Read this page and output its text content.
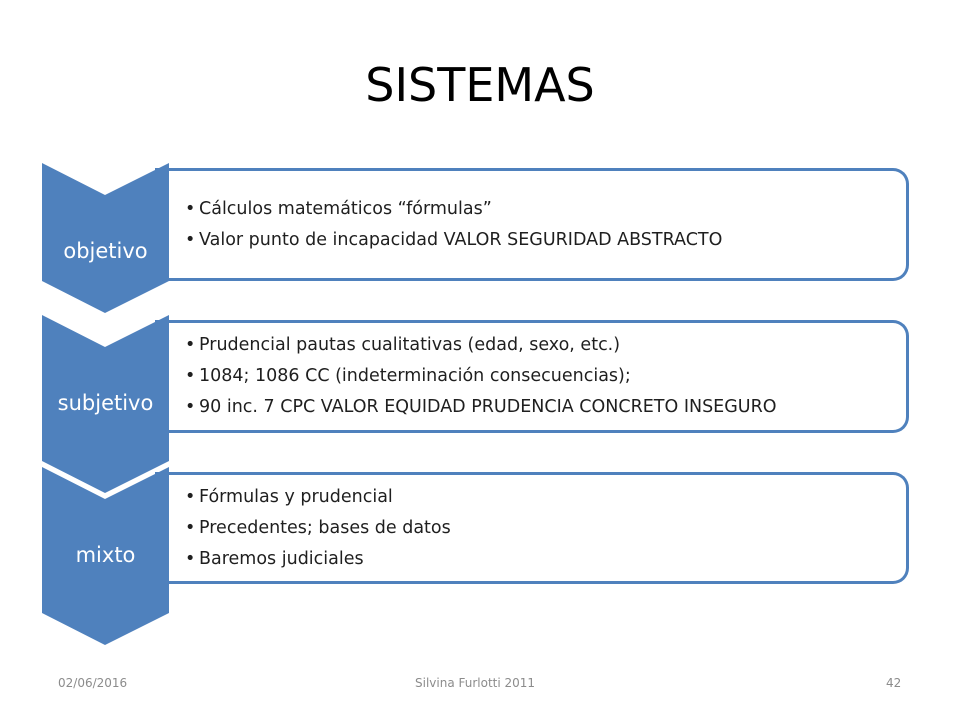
SISTEMAS
• Cálculos matemáticos “fórmulas”
• Valor punto de incapacidad VALOR SEGURIDAD ABSTRACTO
objetivo
• Prudencial pautas cualitativas (edad, sexo, etc.)
• 1084; 1086 CC (indeterminación consecuencias);
• 90 inc. 7 CPC VALOR EQUIDAD PRUDENCIA CONCRETO INSEGURO
subjetivo
• Fórmulas y prudencial
• Precedentes; bases de datos
• Baremos judiciales
mixto
02/06/2016	Silvina Furlotti 2011	42
